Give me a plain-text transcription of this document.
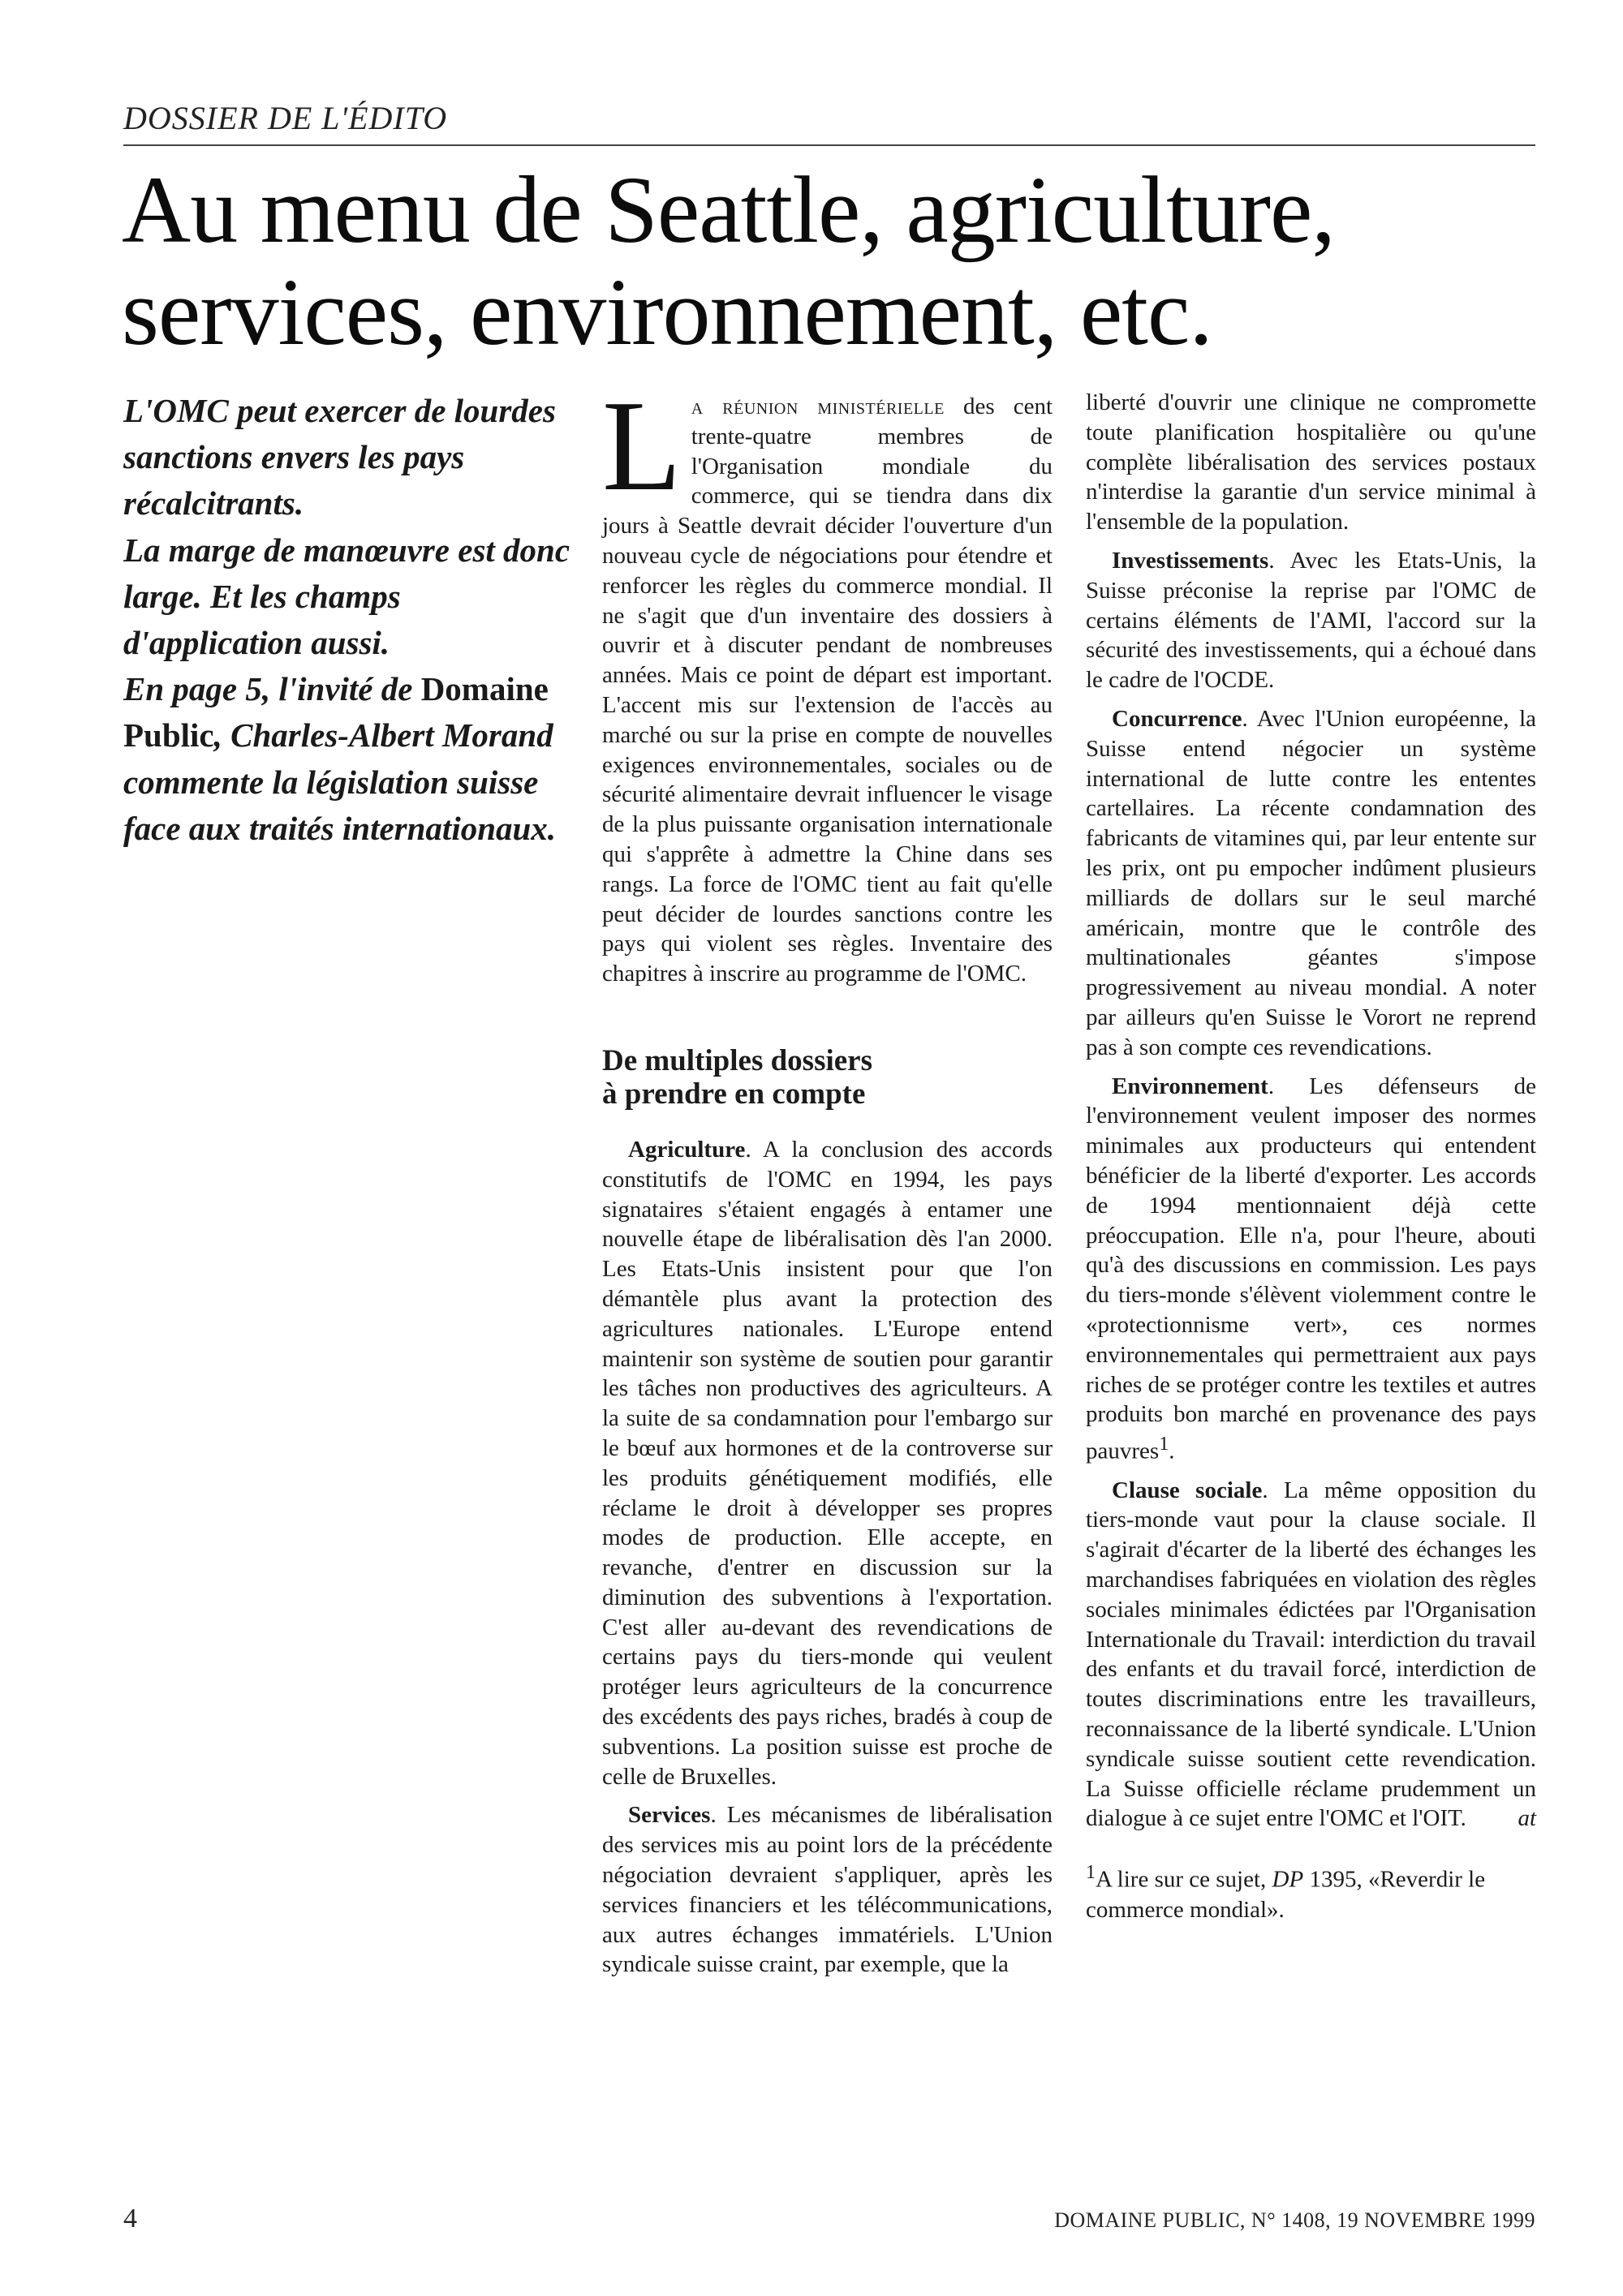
DOSSIER DE L'ÉDITO
Au menu de Seattle, agriculture,
services, environnement, etc.

L'OMC peut exercer de lourdes sanctions envers les pays récalcitrants.

La marge de manœuvre est donc large. Et les champs d'application aussi.

En page 5, l'invité de Domaine Public, Charles-Albert Morand commente la législation suisse face aux traités internationaux.

La réunion ministérielle des cent trente-quatre membres de l'Organisation mondiale du commerce, qui se tiendra dans dix jours à Seattle devrait décider l'ouverture d'un nouveau cycle de négociations pour étendre et renforcer les règles du commerce mondial. Il ne s'agit que d'un inventaire des dossiers à ouvrir et à discuter pendant de nombreuses années. Mais ce point de départ est important. L'accent mis sur l'extension de l'accès au marché ou sur la prise en compte de nouvelles exigences environnementales, sociales ou de sécurité alimentaire devrait influencer le visage de la plus puissante organisation internationale qui s'apprête à admettre la Chine dans ses rangs. La force de l'OMC tient au fait qu'elle peut décider de lourdes sanctions contre les pays qui violent ses règles. Inventaire des chapitres à inscrire au programme de l'OMC.

De multiples dossiers
à prendre en compte

Agriculture. A la conclusion des accords constitutifs de l'OMC en 1994, les pays signataires s'étaient engagés à entamer une nouvelle étape de libéralisation dès l'an 2000. Les Etats-Unis insistent pour que l'on démantèle plus avant la protection des agricultures nationales. L'Europe entend maintenir son système de soutien pour garantir les tâches non productives des agriculteurs. A la suite de sa condamnation pour l'embargo sur le bœuf aux hormones et de la controverse sur les produits génétiquement modifiés, elle réclame le droit à développer ses propres modes de production. Elle accepte, en revanche, d'entrer en discussion sur la diminution des subventions à l'exportation. C'est aller au-devant des revendications de certains pays du tiers-monde qui veulent protéger leurs agriculteurs de la concurrence des excédents des pays riches, bradés à coup de subventions. La position suisse est proche de celle de Bruxelles.

Services. Les mécanismes de libéralisation des services mis au point lors de la précédente négociation devraient s'appliquer, après les services financiers et les télécommunications, aux autres échanges immatériels. L'Union syndicale suisse craint, par exemple, que la

liberté d'ouvrir une clinique ne compromette toute planification hospitalière ou qu'une complète libéralisation des services postaux n'interdise la garantie d'un service minimal à l'ensemble de la population.

Investissements. Avec les Etats-Unis, la Suisse préconise la reprise par l'OMC de certains éléments de l'AMI, l'accord sur la sécurité des investissements, qui a échoué dans le cadre de l'OCDE.

Concurrence. Avec l'Union européenne, la Suisse entend négocier un système international de lutte contre les ententes cartellaires. La récente condamnation des fabricants de vitamines qui, par leur entente sur les prix, ont pu empocher indûment plusieurs milliards de dollars sur le seul marché américain, montre que le contrôle des multinationales géantes s'impose progressivement au niveau mondial. A noter par ailleurs qu'en Suisse le Vorort ne reprend pas à son compte ces revendications.

Environnement. Les défenseurs de l'environnement veulent imposer des normes minimales aux producteurs qui entendent bénéficier de la liberté d'exporter. Les accords de 1994 mentionnaient déjà cette préoccupation. Elle n'a, pour l'heure, abouti qu'à des discussions en commission. Les pays du tiers-monde s'élèvent violemment contre le «protectionnisme vert», ces normes environnementales qui permettraient aux pays riches de se protéger contre les textiles et autres produits bon marché en provenance des pays pauvres$^1$.

Clause sociale. La même opposition du tiers-monde vaut pour la clause sociale. Il s'agirait d'écarter de la liberté des échanges les marchandises fabriquées en violation des règles sociales minimales édictées par l'Organisation Internationale du Travail: interdiction du travail des enfants et du travail forcé, interdiction de toutes discriminations entre les travailleurs, reconnaissance de la liberté syndicale. L'Union syndicale suisse soutient cette revendication. La Suisse officielle réclame prudemment un dialogue à ce sujet entre l'OMC et l'OIT.	at

$^1$A lire sur ce sujet, DP 1395, «Reverdir le commerce mondial».
4	DOMAINE PUBLIC, N° 1408, 19 NOVEMBRE 1999
